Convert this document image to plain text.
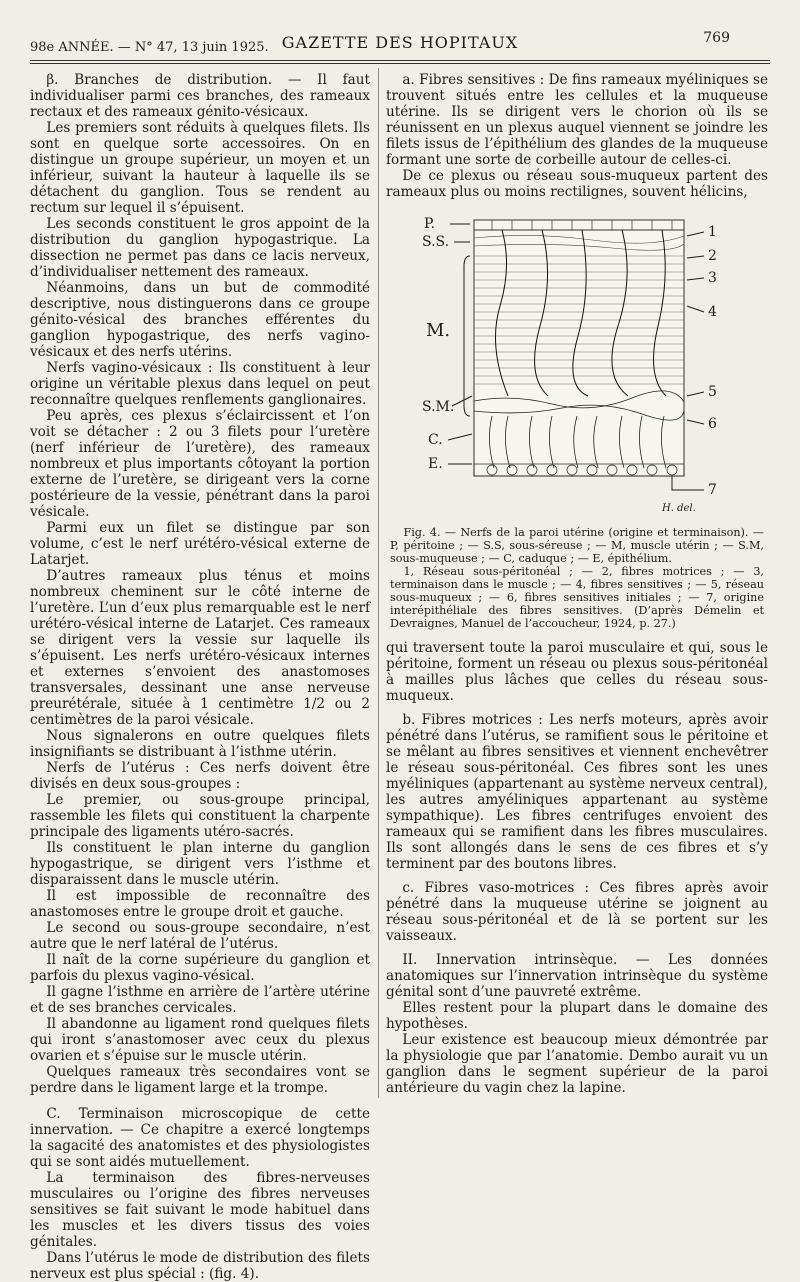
98e ANNÉE. — N° 47, 13 juin 1925. GAZETTE DES HOPITAUX	769

β. Branches de distribution. — Il faut individualiser parmi ces branches, des rameaux rectaux et des rameaux génito-vésicaux.

Les premiers sont réduits à quelques filets. Ils sont en quelque sorte accessoires. On en distingue un groupe supérieur, un moyen et un inférieur, suivant la hauteur à laquelle ils se détachent du ganglion. Tous se rendent au rectum sur lequel il s’épuisent.

Les seconds constituent le gros appoint de la distribution du ganglion hypogastrique. La dissection ne permet pas dans ce lacis nerveux, d’individualiser nettement des rameaux.

Néanmoins, dans un but de commodité descriptive, nous distinguerons dans ce groupe génito-vésical des branches efférentes du ganglion hypogastrique, des nerfs vagino-vésicaux et des nerfs utérins.

Nerfs vagino-vésicaux : Ils constituent à leur origine un véritable plexus dans lequel on peut reconnaître quelques renflements ganglionaires.

Peu après, ces plexus s’éclaircissent et l’on voit se détacher : 2 ou 3 filets pour l’uretère (nerf inférieur de l’uretère), des rameaux nombreux et plus importants côtoyant la portion externe de l’uretère, se dirigeant vers la corne postérieure de la vessie, pénétrant dans la paroi vésicale.

Parmi eux un filet se distingue par son volume, c’est le nerf urétéro-vésical externe de Latarjet.

D’autres rameaux plus ténus et moins nombreux cheminent sur le côté interne de l’uretère. L’un d’eux plus remarquable est le nerf urétéro-vésical interne de Latarjet. Ces rameaux se dirigent vers la vessie sur laquelle ils s’épuisent. Les nerfs urétéro-vésicaux internes et externes s’envoient des anastomoses transversales, dessinant une anse nerveuse preurétérale, située à 1 centimètre 1/2 ou 2 centimètres de la paroi vésicale.

Nous signalerons en outre quelques filets insignifiants se distribuant à l’isthme utérin.

Nerfs de l’utérus : Ces nerfs doivent être divisés en deux sous-groupes :

Le premier, ou sous-groupe principal, rassemble les filets qui constituent la charpente principale des ligaments utéro-sacrés.

Ils constituent le plan interne du ganglion hypogastrique, se dirigent vers l’isthme et disparaissent dans le muscle utérin.

Il est impossible de reconnaître des anastomoses entre le groupe droit et gauche.

Le second ou sous-groupe secondaire, n’est autre que le nerf latéral de l’utérus.

Il naît de la corne supérieure du ganglion et parfois du plexus vagino-vésical.

Il gagne l’isthme en arrière de l’artère utérine et de ses branches cervicales.

Il abandonne au ligament rond quelques filets qui iront s’anastomoser avec ceux du plexus ovarien et s’épuise sur le muscle utérin.

Quelques rameaux très secondaires vont se perdre dans le ligament large et la trompe.

C. Terminaison microscopique de cette innervation. — Ce chapitre a exercé longtemps la sagacité des anatomistes et des physiologistes qui se sont aidés mutuellement.

La terminaison des fibres-nerveuses musculaires ou l’origine des fibres nerveuses sensitives se fait suivant le mode habituel dans les muscles et les divers tissus des voies génitales.

Dans l’utérus le mode de distribution des filets nerveux est plus spécial : (fig. 4).

a. Fibres sensitives : De fins rameaux myéliniques se trouvent situés entre les cellules et la muqueuse utérine. Ils se dirigent vers le chorion où ils se réunissent en un plexus auquel viennent se joindre les filets issus de l’épithélium des glandes de la muqueuse formant une sorte de corbeille autour de celles-ci.

De ce plexus ou réseau sous-muqueux partent des rameaux plus ou moins rectilignes, souvent hélicins,

P.
S.S.
M.
S.M.
C.
E.
1
2
3
4
5
6
7
H. del.

Fig. 4. — Nerfs de la paroi utérine (origine et terminaison). — P, péritoine ; — S.S, sous-séreuse ; — M, muscle utérin ; — S.M, sous-muqueuse ; — C, caduque ; — E, épithélium.

1, Réseau sous-péritonéal ; — 2, fibres motrices ; — 3, terminaison dans le muscle ; — 4, fibres sensitives ; — 5, réseau sous-muqueux ; — 6, fibres sensitives initiales ; — 7, origine interépithéliale des fibres sensitives. (D’après Démelin et Devraignes, Manuel de l’accoucheur, 1924, p. 27.)

qui traversent toute la paroi musculaire et qui, sous le péritoine, forment un réseau ou plexus sous-péritonéal à mailles plus lâches que celles du réseau sous-muqueux.

b. Fibres motrices : Les nerfs moteurs, après avoir pénétré dans l’utérus, se ramifient sous le péritoine et se mêlant au fibres sensitives et viennent enchevêtrer le réseau sous-péritonéal. Ces fibres sont les unes myéliniques (appartenant au système nerveux central), les autres amyéliniques appartenant au système sympathique). Les fibres centrifuges envoient des rameaux qui se ramifient dans les fibres musculaires. Ils sont allongés dans le sens de ces fibres et s’y terminent par des boutons libres.

c. Fibres vaso-motrices : Ces fibres après avoir pénétré dans la muqueuse utérine se joignent au réseau sous-péritonéal et de là se portent sur les vaisseaux.

II. Innervation intrinsèque. — Les données anatomiques sur l’innervation intrinsèque du système génital sont d’une pauvreté extrême.

Elles restent pour la plupart dans le domaine des hypothèses.

Leur existence est beaucoup mieux démontrée par la physiologie que par l’anatomie. Dembo aurait vu un ganglion dans le segment supérieur de la paroi antérieure du vagin chez la lapine.
